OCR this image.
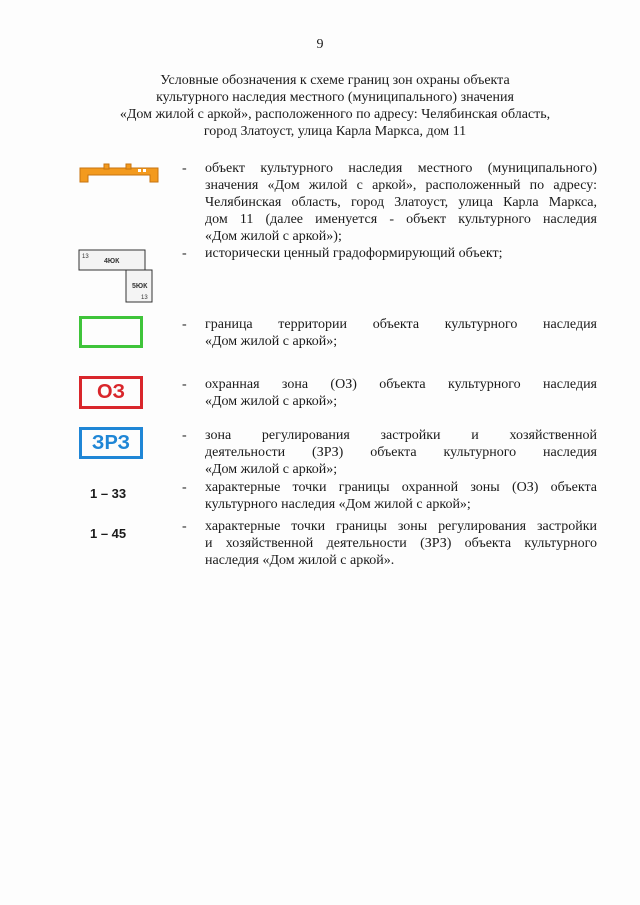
9
Условные обозначения к схеме границ зон охраны объекта
культурного наследия местного (муниципального) значения
«Дом жилой с аркой», расположенного по адресу: Челябинская область,
город Златоуст, улица Карла Маркса, дом 11
- объект культурного наследия местного (муниципального)
значения «Дом жилой с аркой», расположенный по адресу:
Челябинская область, город Златоуст, улица Карла Маркса,
дом 11 (далее именуется - объект культурного наследия
«Дом жилой с аркой»);
13
4ЮК
5ЮК
13
- исторически ценный градоформирующий объект;
- граница территории объекта культурного наследия
«Дом жилой с аркой»;
ОЗ	- охранная зона (ОЗ) объекта культурного наследия
«Дом жилой с аркой»;
ЗРЗ	- зона регулирования застройки и хозяйственной
деятельности (ЗРЗ) объекта культурного наследия
«Дом жилой с аркой»;
1 – 33	- характерные точки границы охранной зоны (ОЗ) объекта
культурного наследия «Дом жилой с аркой»;
1 – 45	- характерные точки границы зоны регулирования застройки
и хозяйственной деятельности (ЗРЗ) объекта культурного
наследия «Дом жилой с аркой».
